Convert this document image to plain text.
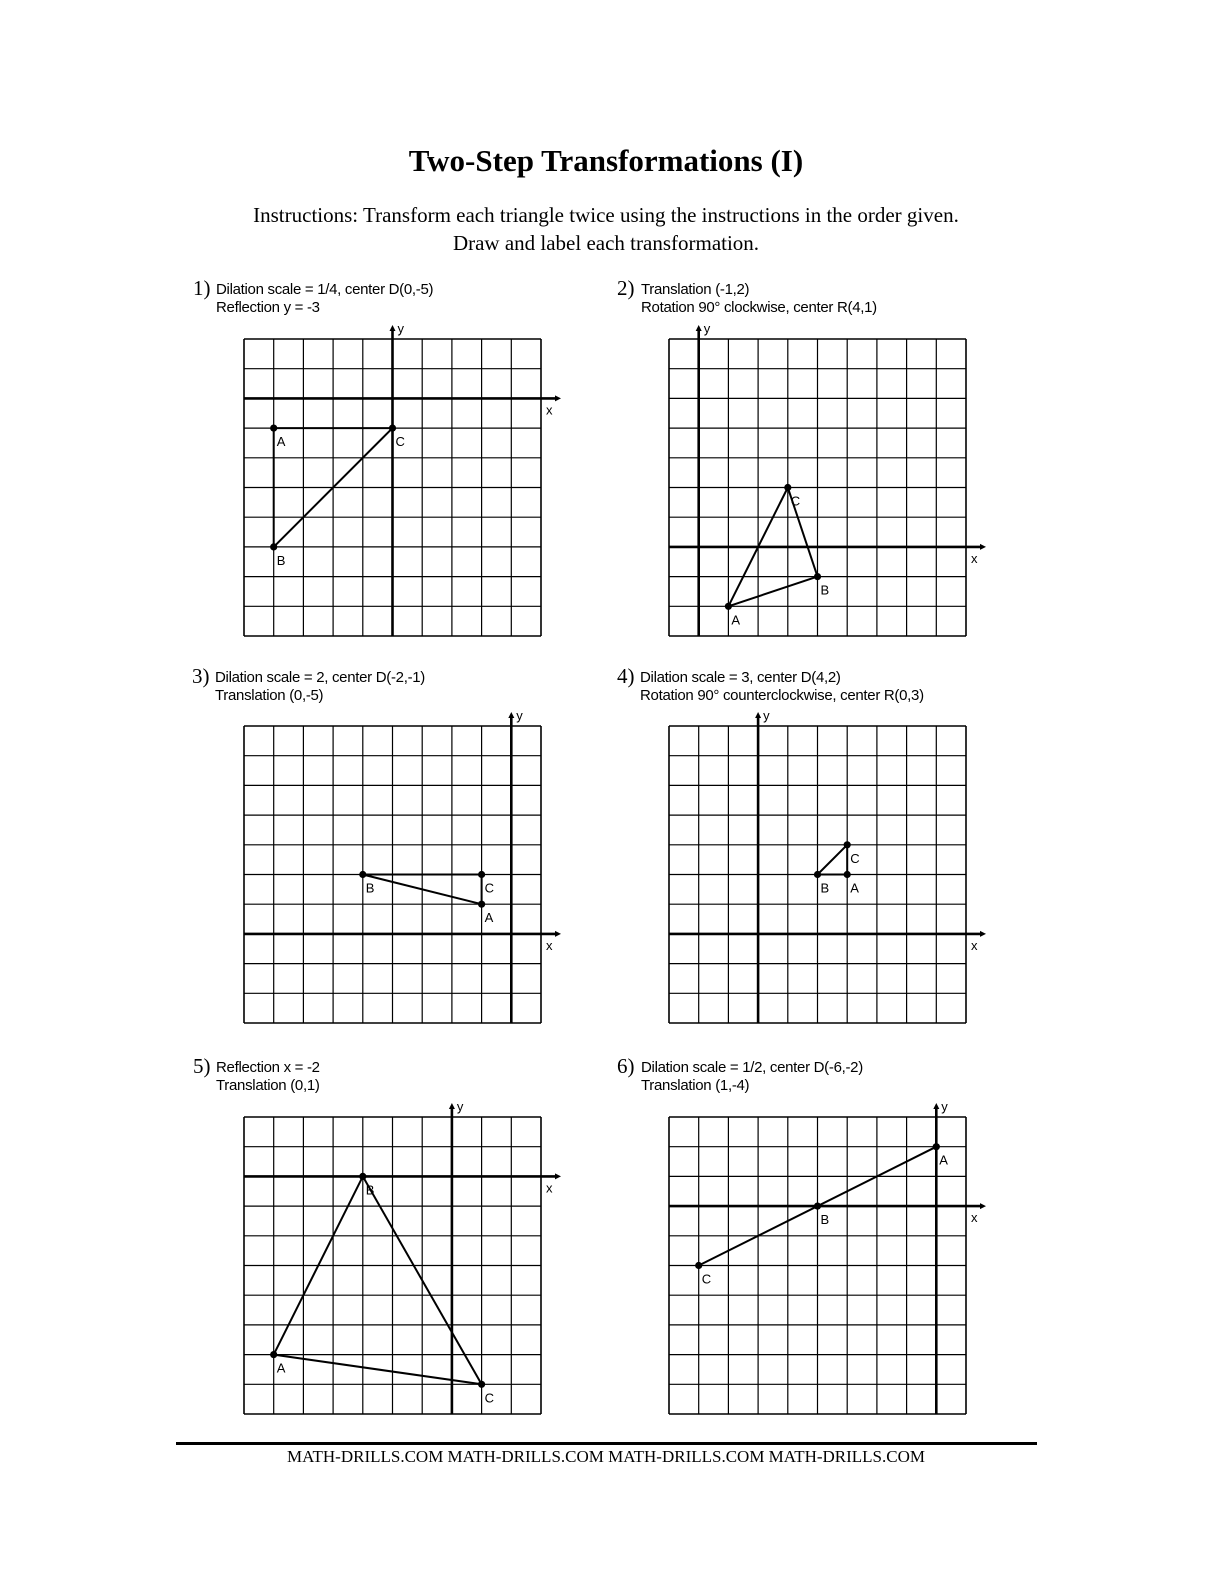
Two-Step Transformations (I)
Instructions: Transform each triangle twice using the instructions in the order given.
Draw and label each transformation.
1) Dilation scale = 1/4, center D(0,-5)
Reflection y = -3
x
y
A
B
C
2) Translation (-1,2)
Rotation 90° clockwise, center R(4,1)
x
y
A
B
C
3) Dilation scale = 2, center D(-2,-1)
Translation (0,-5)
x
y
A
B	C
4) Dilation scale = 3, center D(4,2)
Rotation 90° counterclockwise, center R(0,3)
x
y
A
B
C
5) Reflection x = -2
Translation (0,1)
x
y
A
B
C
6) Dilation scale = 1/2, center D(-6,-2)
Translation (1,-4)
x
y
A
B
C
MATH-DRILLS.COM MATH-DRILLS.COM MATH-DRILLS.COM MATH-DRILLS.COM
